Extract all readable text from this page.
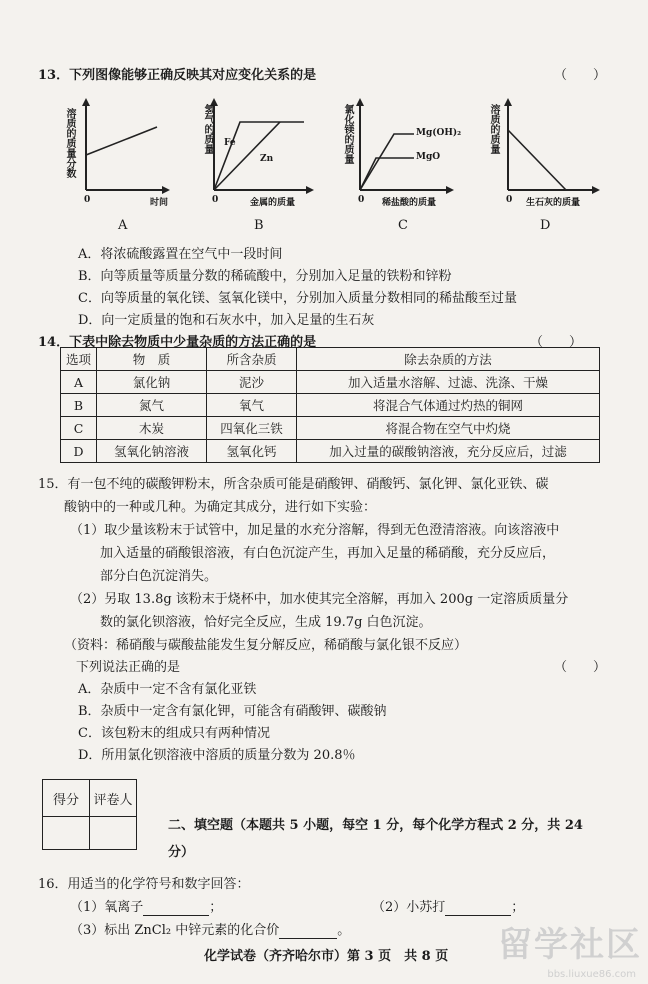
13．下列图像能够正确反映其对应变化关系的是	（　　）
溶质的质量分数
0	时间
A
氢气的质量 Fe
Zn
0	金属的质量
B
氯化镁的质量	Mg(OH)₂
MgO
0 稀盐酸的质量
C
溶质的质量
0 生石灰的质量
D
A．将浓硫酸露置在空气中一段时间
B．向等质量等质量分数的稀硫酸中，分别加入足量的铁粉和锌粉
C．向等质量的氧化镁、氢氧化镁中，分别加入质量分数相同的稀盐酸至过量
D．向一定质量的饱和石灰水中，加入足量的生石灰
14．下表中除去物质中少量杂质的方法正确的是	（　　）
选项	物　质	所含杂质	除去杂质的方法
A	氯化钠	泥沙	加入适量水溶解、过滤、洗涤、干燥
B	氮气	氧气	将混合气体通过灼热的铜网
C	木炭	四氧化三铁	将混合物在空气中灼烧
D	氢氧化钠溶液	氢氧化钙	加入过量的碳酸钠溶液，充分反应后，过滤
15．有一包不纯的碳酸钾粉末，所含杂质可能是硝酸钾、硝酸钙、氯化钾、氯化亚铁、碳
酸钠中的一种或几种。为确定其成分，进行如下实验：
（1）取少量该粉末于试管中，加足量的水充分溶解，得到无色澄清溶液。向该溶液中
加入适量的硝酸银溶液，有白色沉淀产生，再加入足量的稀硝酸，充分反应后，
部分白色沉淀消失。
（2）另取 13.8g 该粉末于烧杯中，加水使其完全溶解，再加入 200g 一定溶质质量分
数的氯化钡溶液，恰好完全反应，生成 19.7g 白色沉淀。
（资料：稀硝酸与碳酸盐能发生复分解反应，稀硝酸与氯化银不反应）
下列说法正确的是	（　　）
A．杂质中一定不含有氯化亚铁
B．杂质中一定含有氯化钾，可能含有硝酸钾、碳酸钠
C．该包粉末的组成只有两种情况
D．所用氯化钡溶液中溶质的质量分数为 20.8％
得分	评卷人

二、填空题（本题共 5 小题，每空 1 分，每个化学方程式 2 分，共 24
分）
16．用适当的化学符号和数字回答：
（1）氧离子	；	（2）小苏打	；
（3）标出 ZnCl₂ 中锌元素的化合价	。
化学试卷（齐齐哈尔市）第 3 页　共 8 页 留学社区
bbs.liuxue86.com
